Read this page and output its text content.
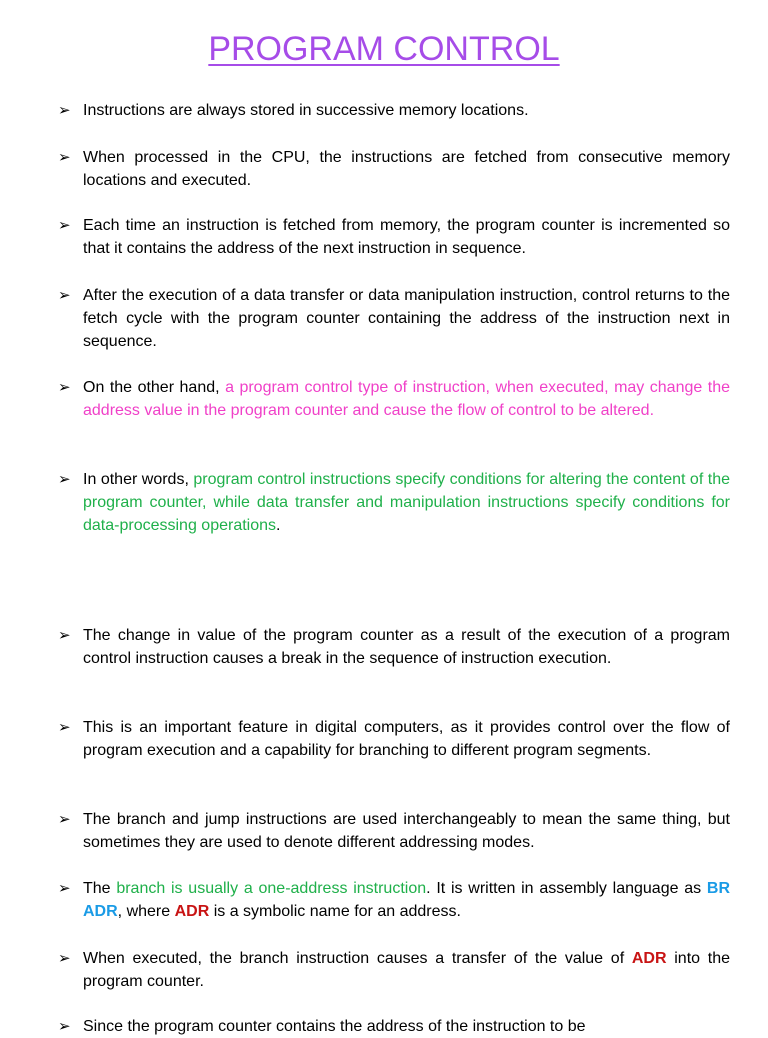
PROGRAM CONTROL
➢ Instructions are always stored in successive memory locations.
➢ When processed in the CPU, the instructions are fetched from consecutive memory locations and executed.
➢ Each time an instruction is fetched from memory, the program counter is incremented so that it contains the address of the next instruction in sequence.
➢ After the execution of a data transfer or data manipulation instruction, control returns to the fetch cycle with the program counter containing the address of the instruction next in sequence.
➢ On the other hand, a program control type of instruction, when executed, may change the address value in the program counter and cause the flow of control to be altered.
➢ In other words, program control instructions specify conditions for altering the content of the program counter, while data transfer and manipulation instructions specify conditions for data-processing operations.
➢ The change in value of the program counter as a result of the execution of a program control instruction causes a break in the sequence of instruction execution.
➢ This is an important feature in digital computers, as it provides control over the flow of program execution and a capability for branching to different program segments.
➢ The branch and jump instructions are used interchangeably to mean the same thing, but sometimes they are used to denote different addressing modes.
➢ The branch is usually a one-address instruction. It is written in assembly language as BR ADR, where ADR is a symbolic name for an address.
➢ When executed, the branch instruction causes a transfer of the value of ADR into the program counter.
➢ Since the program counter contains the address of the instruction to be
